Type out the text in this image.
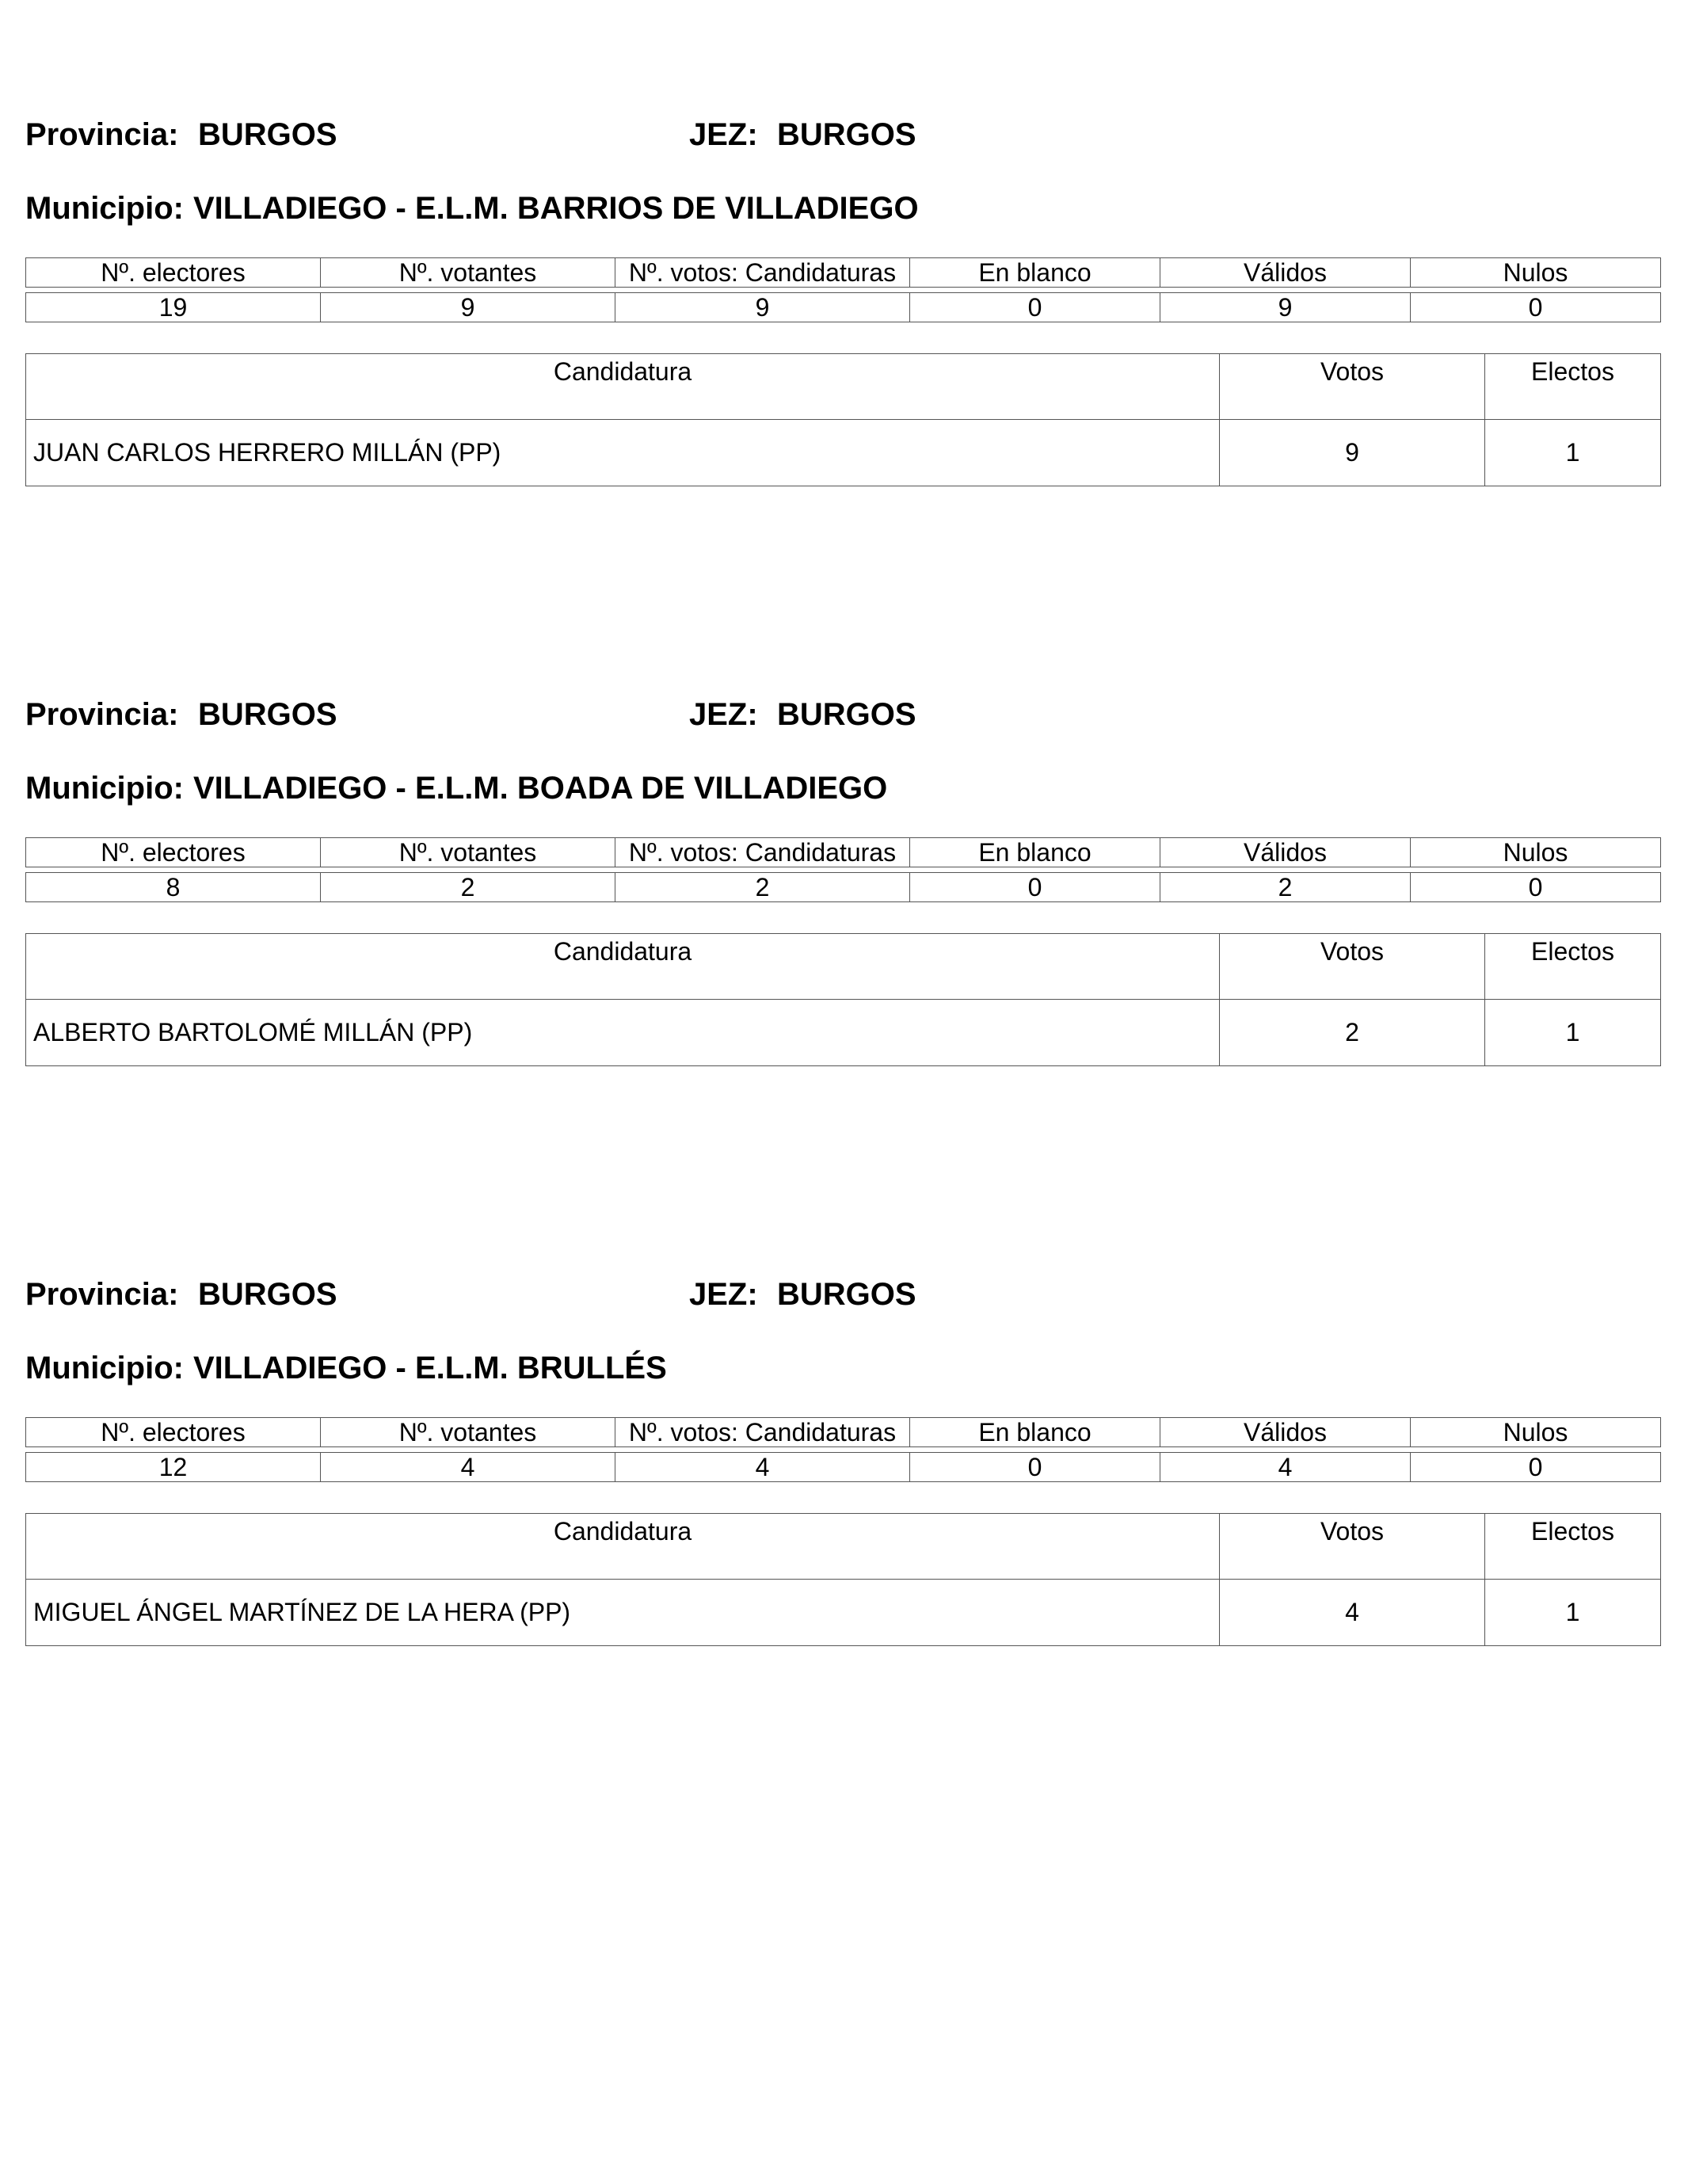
Provincia: BURGOS	JEZ: BURGOS
Municipio: VILLADIEGO - E.L.M. BARRIOS DE VILLADIEGO
Nº. electores	Nº. votantes	Nº. votos: Candidaturas	En blanco	Válidos	Nulos

19	9	9	0	9	0
Candidatura	Votos	Electos
JUAN CARLOS HERRERO MILLÁN (PP)	9	1
Provincia: BURGOS	JEZ: BURGOS
Municipio: VILLADIEGO - E.L.M. BOADA DE VILLADIEGO
Nº. electores	Nº. votantes	Nº. votos: Candidaturas	En blanco	Válidos	Nulos

8	2	2	0	2	0
Candidatura	Votos	Electos
ALBERTO BARTOLOMÉ MILLÁN (PP)	2	1
Provincia: BURGOS	JEZ: BURGOS
Municipio: VILLADIEGO - E.L.M. BRULLÉS
Nº. electores	Nº. votantes	Nº. votos: Candidaturas	En blanco	Válidos	Nulos

12	4	4	0	4	0
Candidatura	Votos	Electos
MIGUEL ÁNGEL MARTÍNEZ DE LA HERA (PP)	4	1
